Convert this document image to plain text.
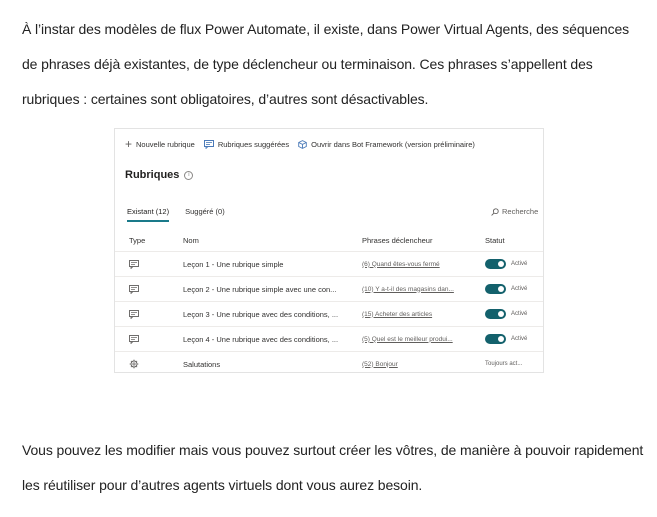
À l’instar des modèles de flux Power Automate, il existe, dans Power Virtual Agents, des séquences de phrases déjà existantes, de type déclencheur ou terminaison. Ces phrases s’appellent des rubriques : certaines sont obligatoires, d’autres sont désactivables.

+ Nouvelle rubrique	Rubriques suggérées	Ouvrir dans Bot Framework (version préliminaire)
Rubriques	i
Existant (12) Suggéré (0)	Recherche
Type	Nom	Phrases déclencheur	Statut
Leçon 1 - Une rubrique simple	(6) Quand êtes-vous fermé	Activé
Leçon 2 - Une rubrique simple avec une con...	(10) Y a-t-il des magasins dan...	Activé
Leçon 3 - Une rubrique avec des conditions, ...	(15) Acheter des articles	Activé
Leçon 4 - Une rubrique avec des conditions, ...	(5) Quel est le meilleur produi...	Activé
Salutations	(52) Bonjour	Toujours act...

Vous pouvez les modifier mais vous pouvez surtout créer les vôtres, de manière à pouvoir rapidement les réutiliser pour d’autres agents virtuels dont vous aurez besoin.
